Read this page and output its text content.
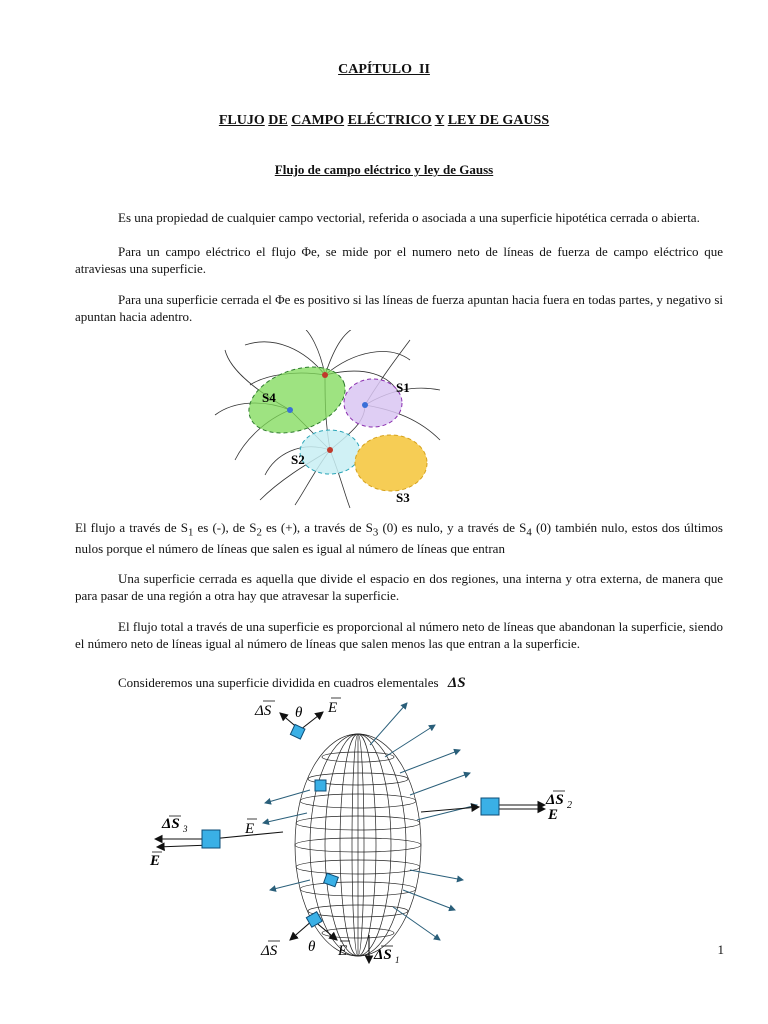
CAPÍTULO II
FLUJO DE CAMPO ELÉCTRICO Y LEY DE GAUSS
Flujo de campo eléctrico y ley de Gauss
Es una propiedad de cualquier campo vectorial, referida o asociada a una superficie hipotética cerrada o abierta.
Para un campo eléctrico el flujo Φe, se mide por el numero neto de líneas de fuerza de campo eléctrico que atraviesas una superficie.
Para una superficie cerrada el Φe es positivo si las líneas de fuerza apuntan hacia fuera en todas partes, y negativo si apuntan hacia adentro.
S4
S1
S2
S3
El flujo a través de $S_1$ es (-), de $S_2$ es (+), a través de $S_3$ (0) es nulo, y a través de $S_4$ (0) también nulo, estos dos últimos nulos porque el número de líneas que salen es igual al número de líneas que entran
Una superficie cerrada es aquella que divide el espacio en dos regiones, una interna y otra externa, de manera que para pasar de una región a otra hay que atravesar la superficie.
El flujo total a través de una superficie es proporcional al número neto de líneas que abandonan la superficie, siendo el número neto de líneas igual al número de líneas que salen menos las que entran a la superficie.
Consideremos una superficie dividida en cuadros elementales ΔS
ΔS θ E
ΔS 2
E
ΔS 3	E
E
ΔS θ E ΔS 1
1
